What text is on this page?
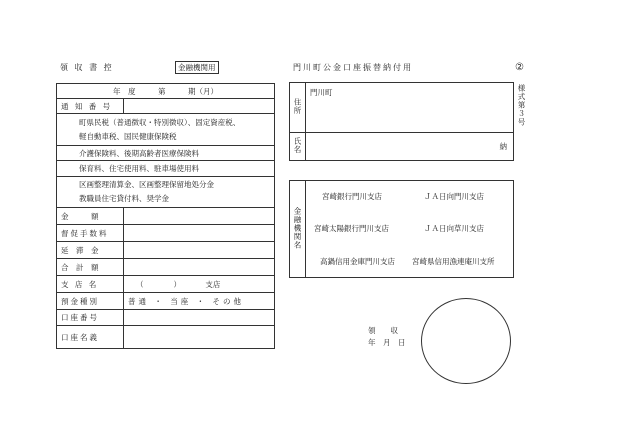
領 収 書 控	金融機関用	門川町公金口座振替納付用	②
様式第３号
年　度　　　第　　　期（月）	
通 知 番 号	

町県民税（普通徴収・特別徴収）、固定資産税、
軽自動車税、国民健康保険税	

介護保険料、後期高齢者医療保険料	
保育料、住宅使用料、駐車場使用料	

区画整理清算金、区画整理保留地処分金
教職員住宅貸付料、奨学金	

金　　　額	
督促手数料	
延　滞　金	
合　計　額	
支 店 名	（　　　　） 支店
預金種別	普通 ・ 当座 ・ その他
口座番号	
口座名義	
住所	門川町
氏名	納
金融機関名	
宮崎銀行門川支店	ＪＡ日向門川支店
宮崎太陽銀行門川支店	ＪＡ日向草川支店
高鍋信用金庫門川支店 宮崎県信用漁連庵川支所
領　　収
年　月　日
